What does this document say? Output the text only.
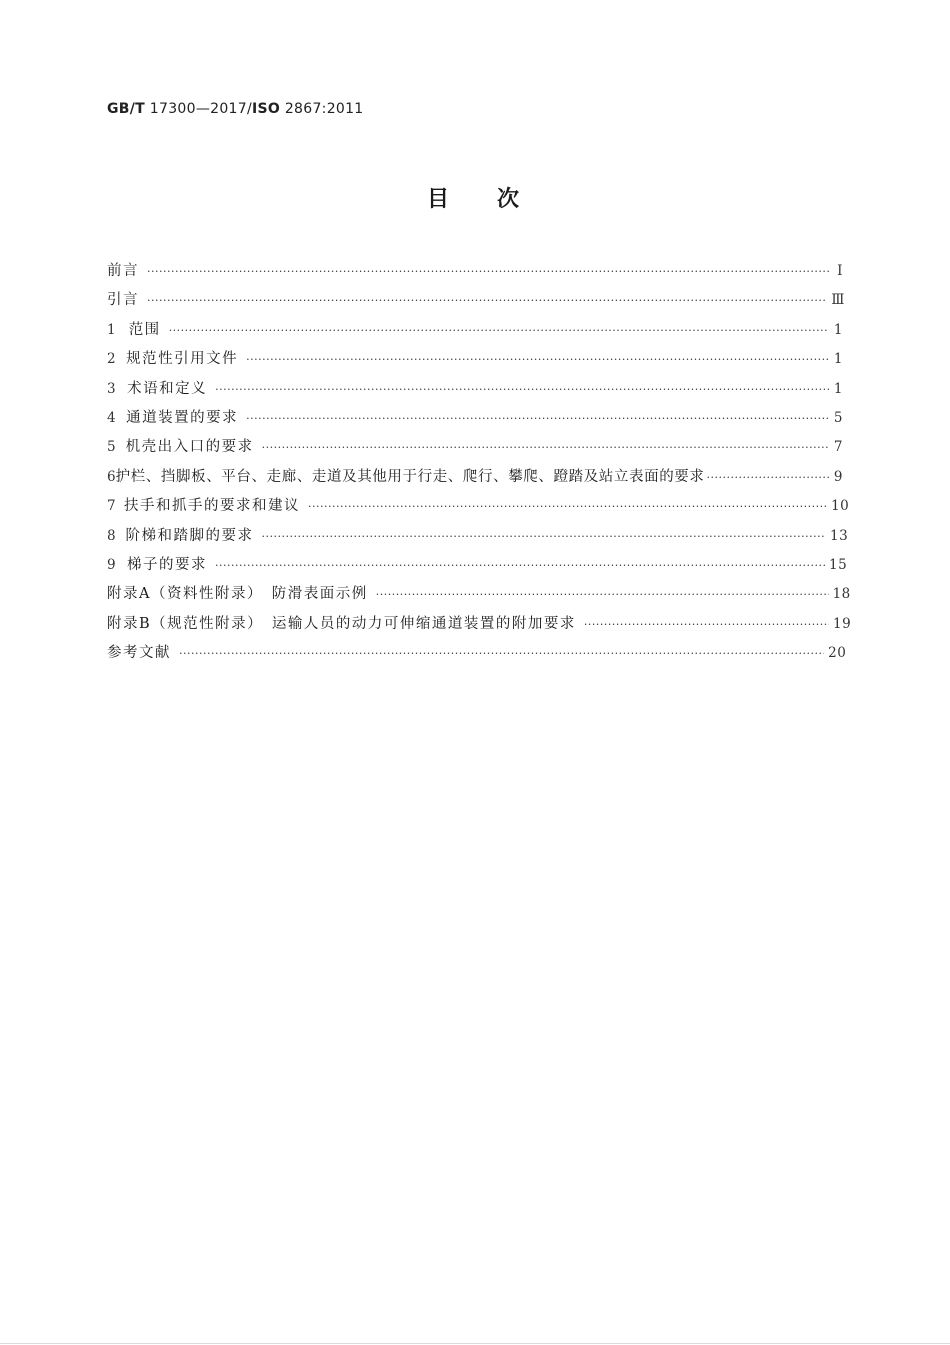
GB/T 17300—2017/ISO 2867:2011
目次
前言 ·····	Ⅰ
引言 ·····	Ⅲ
1 范围 ·····	1
2 规范性引用文件 ·····	1
3 术语和定义 ·····	1
4 通道装置的要求 ·····	5
5 机壳出入口的要求 ·····	7
6 护栏、挡脚板、平台、走廊、走道及其他用于行走、爬行、攀爬、蹬踏及站立表面的要求 ·····	9
7 扶手和抓手的要求和建议 ·····	10
8 阶梯和踏脚的要求 ·····	13
9 梯子的要求 ·····	15
附录A（资料性附录）　防滑表面示例 ·····	18
附录B（规范性附录）　运输人员的动力可伸缩通道装置的附加要求 ·····	19
参考文献 ·····	20
